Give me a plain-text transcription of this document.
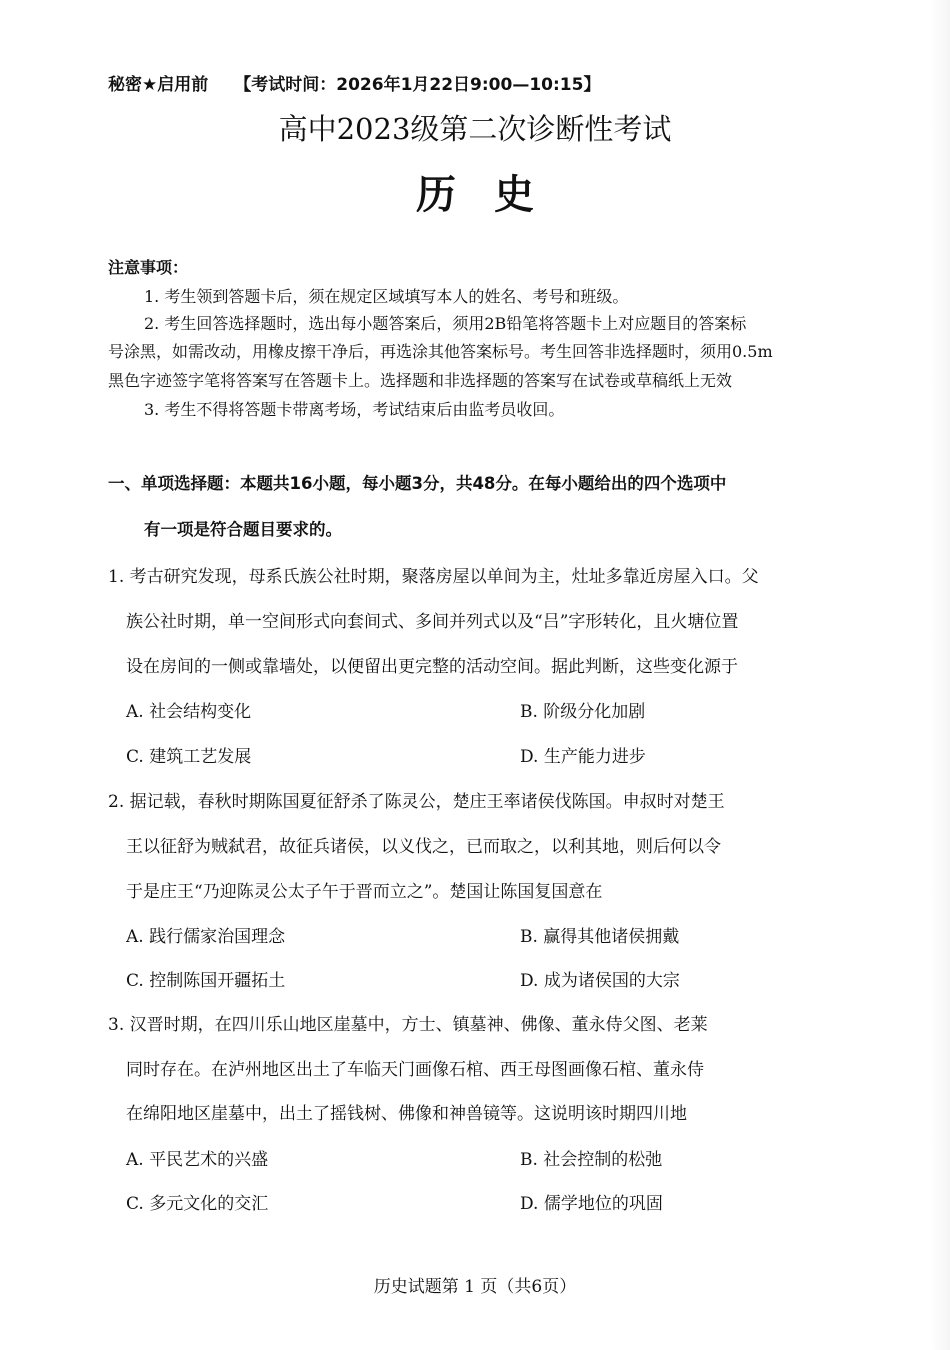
秘密★启用前 【考试时间：2026年1月22日9:00—10:15】
高中2023级第二次诊断性考试
历史
注意事项：
1. 考生领到答题卡后，须在规定区域填写本人的姓名、考号和班级。
2. 考生回答选择题时，选出每小题答案后，须用2B铅笔将答题卡上对应题目的答案标
号涂黑，如需改动，用橡皮擦干净后，再选涂其他答案标号。考生回答非选择题时，须用0.5m
黑色字迹签字笔将答案写在答题卡上。选择题和非选择题的答案写在试卷或草稿纸上无效
3. 考生不得将答题卡带离考场，考试结束后由监考员收回。
一、单项选择题：本题共16小题，每小题3分，共48分。在每小题给出的四个选项中
有一项是符合题目要求的。
1. 考古研究发现，母系氏族公社时期，聚落房屋以单间为主，灶址多靠近房屋入口。父
族公社时期，单一空间形式向套间式、多间并列式以及“吕”字形转化，且火塘位置
设在房间的一侧或靠墙处，以便留出更完整的活动空间。据此判断，这些变化源于
A. 社会结构变化	B. 阶级分化加剧
C. 建筑工艺发展	D. 生产能力进步
2. 据记载，春秋时期陈国夏征舒杀了陈灵公，楚庄王率诸侯伐陈国。申叔时对楚王
王以征舒为贼弑君，故征兵诸侯，以义伐之，已而取之，以利其地，则后何以令
于是庄王“乃迎陈灵公太子午于晋而立之”。楚国让陈国复国意在
A. 践行儒家治国理念	B. 赢得其他诸侯拥戴
C. 控制陈国开疆拓土	D. 成为诸侯国的大宗
3. 汉晋时期，在四川乐山地区崖墓中，方士、镇墓神、佛像、董永侍父图、老莱
同时存在。在泸州地区出土了车临天门画像石棺、西王母图画像石棺、董永侍
在绵阳地区崖墓中，出土了摇钱树、佛像和神兽镜等。这说明该时期四川地
A. 平民艺术的兴盛	B. 社会控制的松弛
C. 多元文化的交汇	D. 儒学地位的巩固
历史试题第 1 页（共6页）
